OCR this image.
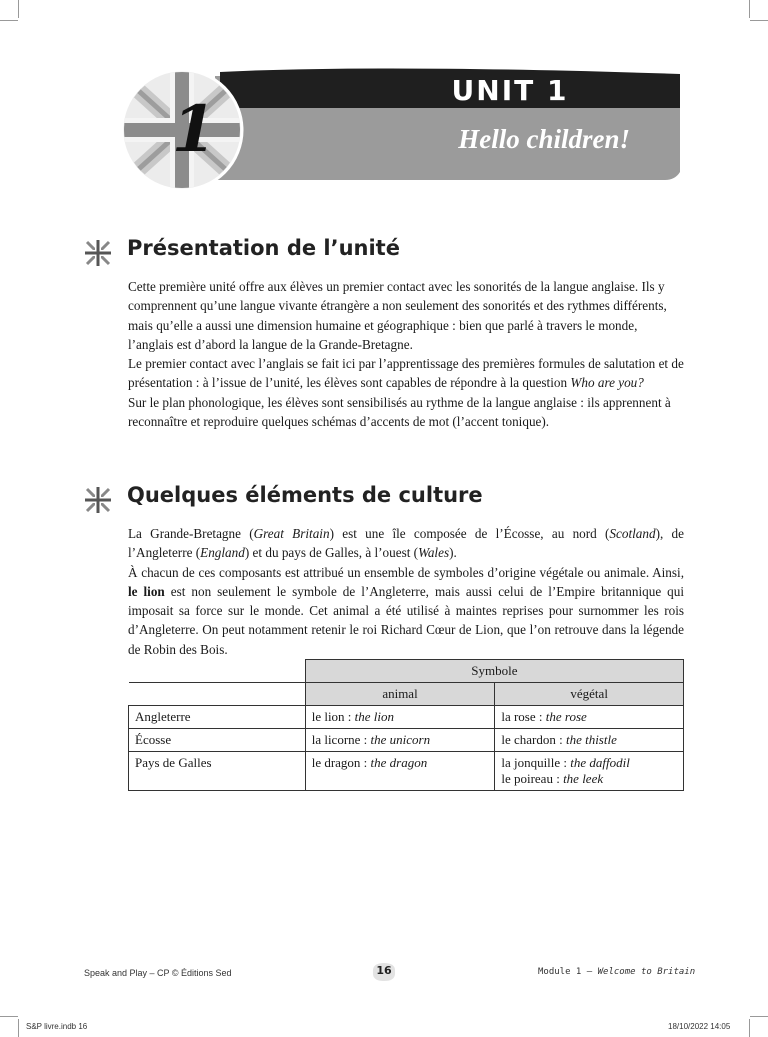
1
UNIT 1
Hello children!
Présentation de l’unité

Cette première unité offre aux élèves un premier contact avec les sonorités de la langue anglaise. Ils y comprennent qu’une langue vivante étrangère a non seulement des sonorités et des rythmes différents, mais qu’elle a aussi une dimension humaine et géographique : bien que parlé à travers le monde, l’anglais est d’abord la langue de la Grande-Bretagne.

Le premier contact avec l’anglais se fait ici par l’apprentissage des premières formules de salutation et de présentation : à l’issue de l’unité, les élèves sont capables de répondre à la question Who are you?

Sur le plan phonologique, les élèves sont sensibilisés au rythme de la langue anglaise : ils apprennent à reconnaître et reproduire quelques schémas d’accents de mot (l’accent tonique).

Quelques éléments de culture

La Grande-Bretagne (Great Britain) est une île composée de l’Écosse, au nord (Scotland), de l’Angleterre (England) et du pays de Galles, à l’ouest (Wales).

À chacun de ces composants est attribué un ensemble de symboles d’origine végétale ou animale. Ainsi, le lion est non seulement le symbole de l’Angleterre, mais aussi celui de l’Empire britannique qui imposait sa force sur le monde. Cet animal a été utilisé à maintes reprises pour surnommer les rois d’Angleterre. On peut notamment retenir le roi Richard Cœur de Lion, que l’on retrouve dans la légende de Robin des Bois.

	Symbole	
	animal	végétal
Angleterre	le lion : the lion	la rose : the rose
Écosse	la licorne : the unicorn	le chardon : the thistle
Pays de Galles	le dragon : the dragon	la jonquille : the daffodil
le poireau : the leek
Speak and Play – CP © Éditions Sed	16	Module 1 – Welcome to Britain
S&P livre.indb 16	18/10/2022 14:05
